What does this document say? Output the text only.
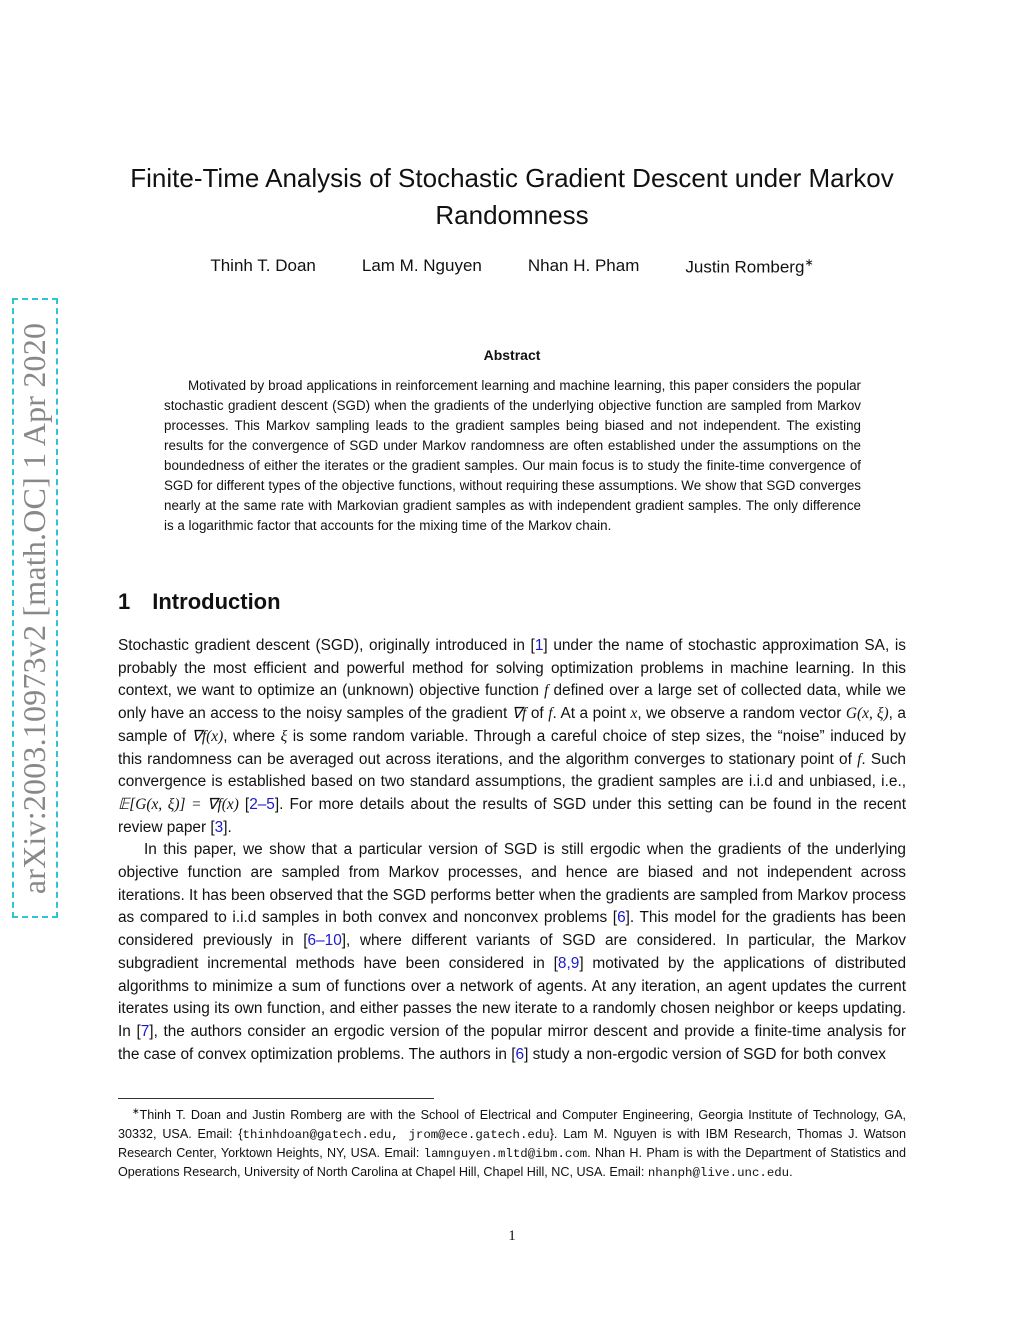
arXiv:2003.10973v2 [math.OC] 1 Apr 2020
Finite-Time Analysis of Stochastic Gradient Descent under Markov Randomness
Thinh T. Doan	Lam M. Nguyen	Nhan H. Pham	Justin Romberg∗
Abstract

Motivated by broad applications in reinforcement learning and machine learning, this paper considers the popular stochastic gradient descent (SGD) when the gradients of the underlying objective function are sampled from Markov processes. This Markov sampling leads to the gradient samples being biased and not independent. The existing results for the convergence of SGD under Markov randomness are often established under the assumptions on the boundedness of either the iterates or the gradient samples. Our main focus is to study the finite-time convergence of SGD for different types of the objective functions, without requiring these assumptions. We show that SGD converges nearly at the same rate with Markovian gradient samples as with independent gradient samples. The only difference is a logarithmic factor that accounts for the mixing time of the Markov chain.

1 Introduction

Stochastic gradient descent (SGD), originally introduced in [1] under the name of stochastic approximation SA, is probably the most efficient and powerful method for solving optimization problems in machine learning. In this context, we want to optimize an (unknown) objective function f defined over a large set of collected data, while we only have an access to the noisy samples of the gradient ∇f of f. At a point x, we observe a random vector G(x, ξ), a sample of ∇f(x), where ξ is some random variable. Through a careful choice of step sizes, the “noise” induced by this randomness can be averaged out across iterations, and the algorithm converges to stationary point of f. Such convergence is established based on two standard assumptions, the gradient samples are i.i.d and unbiased, i.e., 𝔼[G(x, ξ)] = ∇f(x) [2–5]. For more details about the results of SGD under this setting can be found in the recent review paper [3].

In this paper, we show that a particular version of SGD is still ergodic when the gradients of the underlying objective function are sampled from Markov processes, and hence are biased and not independent across iterations. It has been observed that the SGD performs better when the gradients are sampled from Markov process as compared to i.i.d samples in both convex and nonconvex problems [6]. This model for the gradients has been considered previously in [6–10], where different variants of SGD are considered. In particular, the Markov subgradient incremental methods have been considered in [8,9] motivated by the applications of distributed algorithms to minimize a sum of functions over a network of agents. At any iteration, an agent updates the current iterates using its own function, and either passes the new iterate to a randomly chosen neighbor or keeps updating. In [7], the authors consider an ergodic version of the popular mirror descent and provide a finite-time analysis for the case of convex optimization problems. The authors in [6] study a non-ergodic version of SGD for both convex

∗Thinh T. Doan and Justin Romberg are with the School of Electrical and Computer Engineering, Georgia Institute of Technology, GA, 30332, USA. Email: {thinhdoan@gatech.edu, jrom@ece.gatech.edu}. Lam M. Nguyen is with IBM Research, Thomas J. Watson Research Center, Yorktown Heights, NY, USA. Email: lamnguyen.mltd@ibm.com. Nhan H. Pham is with the Department of Statistics and Operations Research, University of North Carolina at Chapel Hill, Chapel Hill, NC, USA. Email: nhanph@live.unc.edu.

1
